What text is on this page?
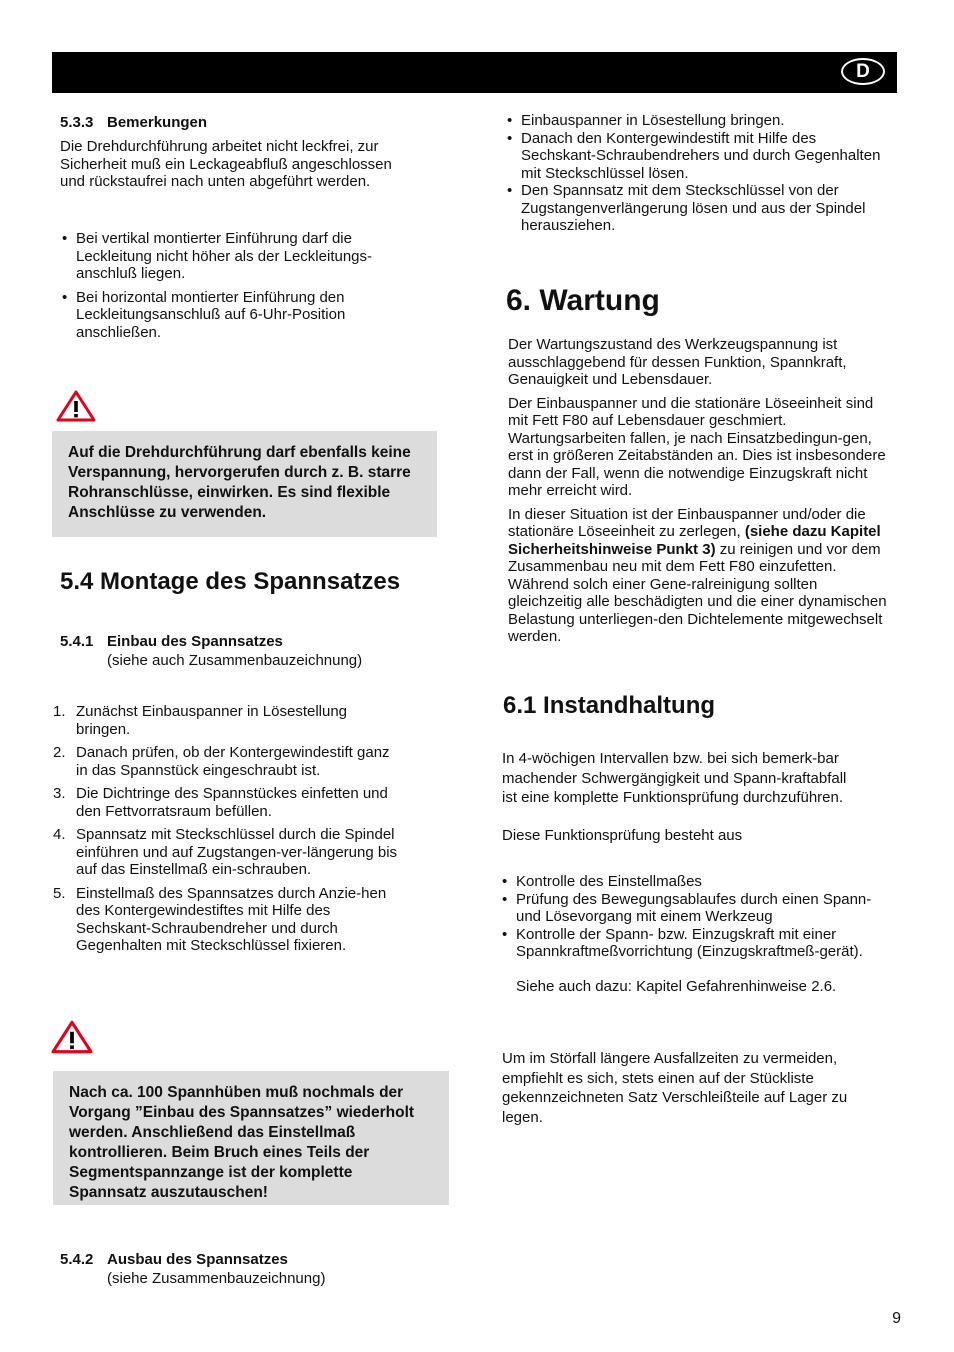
D
5.3.3 Bemerkungen

Die Drehdurchführung arbeitet nicht leckfrei, zur Sicherheit muß ein Leckageabfluß angeschlossen und rückstaufrei nach unten abgeführt werden.

• Bei vertikal montierter Einführung darf die Leckleitung nicht höher als der Leckleitungs-anschluß liegen.
• Bei horizontal montierter Einführung den Leckleitungsanschluß auf 6-Uhr-Position anschließen.
Auf die Drehdurchführung darf ebenfalls keine Verspannung, hervorgerufen durch z. B. starre Rohranschlüsse, einwirken. Es sind flexible Anschlüsse zu verwenden.
5.4 Montage des Spannsatzes
5.4.1 Einbau des Spannsatzes
(siehe auch Zusammenbauzeichnung)
1. Zunächst Einbauspanner in Lösestellung bringen.
2. Danach prüfen, ob der Kontergewindestift ganz in das Spannstück eingeschraubt ist.
3. Die Dichtringe des Spannstückes einfetten und den Fettvorratsraum befüllen.
4. Spannsatz mit Steckschlüssel durch die Spindel einführen und auf Zugstangen-ver-längerung bis auf das Einstellmaß ein-schrauben.
5. Einstellmaß des Spannsatzes durch Anzie-hen des Kontergewindestiftes mit Hilfe des Sechskant-Schraubendreher und durch Gegenhalten mit Steckschlüssel fixieren.
Nach ca. 100 Spannhüben muß nochmals der Vorgang ”Einbau des Spannsatzes” wiederholt werden. Anschließend das Einstellmaß kontrollieren. Beim Bruch eines Teils der Segmentspannzange ist der komplette Spannsatz auszutauschen!
5.4.2 Ausbau des Spannsatzes
(siehe Zusammenbauzeichnung)
• Einbauspanner in Lösestellung bringen.
• Danach den Kontergewindestift mit Hilfe des Sechskant-Schraubendrehers und durch Gegenhalten mit Steckschlüssel lösen.
• Den Spannsatz mit dem Steckschlüssel von der Zugstangenverlängerung lösen und aus der Spindel herausziehen.
6. Wartung

Der Wartungszustand des Werkzeugspannung ist ausschlaggebend für dessen Funktion, Spannkraft, Genauigkeit und Lebensdauer.

Der Einbauspanner und die stationäre Löseeinheit sind mit Fett F80 auf Lebensdauer geschmiert. Wartungsarbeiten fallen, je nach Einsatzbedingun-gen, erst in größeren Zeitabständen an. Dies ist insbesondere dann der Fall, wenn die notwendige Einzugskraft nicht mehr erreicht wird.

In dieser Situation ist der Einbauspanner und/oder die stationäre Löseeinheit zu zerlegen, (siehe dazu Kapitel Sicherheitshinweise Punkt 3) zu reinigen und vor dem Zusammenbau neu mit dem Fett F80 einzufetten. Während solch einer Gene-ralreinigung sollten gleichzeitig alle beschädigten und die einer dynamischen Belastung unterliegen-den Dichtelemente mitgewechselt werden.

6.1 Instandhaltung

In 4-wöchigen Intervallen bzw. bei sich bemerk-bar machender Schwergängigkeit und Spann-kraftabfall ist eine komplette Funktionsprüfung durchzuführen.

Diese Funktionsprüfung besteht aus

• Kontrolle des Einstellmaßes
• Prüfung des Bewegungsablaufes durch einen Spann- und Lösevorgang mit einem Werkzeug
• Kontrolle der Spann- bzw. Einzugskraft mit einer Spannkraftmeßvorrichtung (Einzugskraftmeß-gerät).
Siehe auch dazu: Kapitel Gefahrenhinweise 2.6.

Um im Störfall längere Ausfallzeiten zu vermeiden, empfiehlt es sich, stets einen auf der Stückliste gekennzeichneten Satz Verschleißteile auf Lager zu legen.

9
